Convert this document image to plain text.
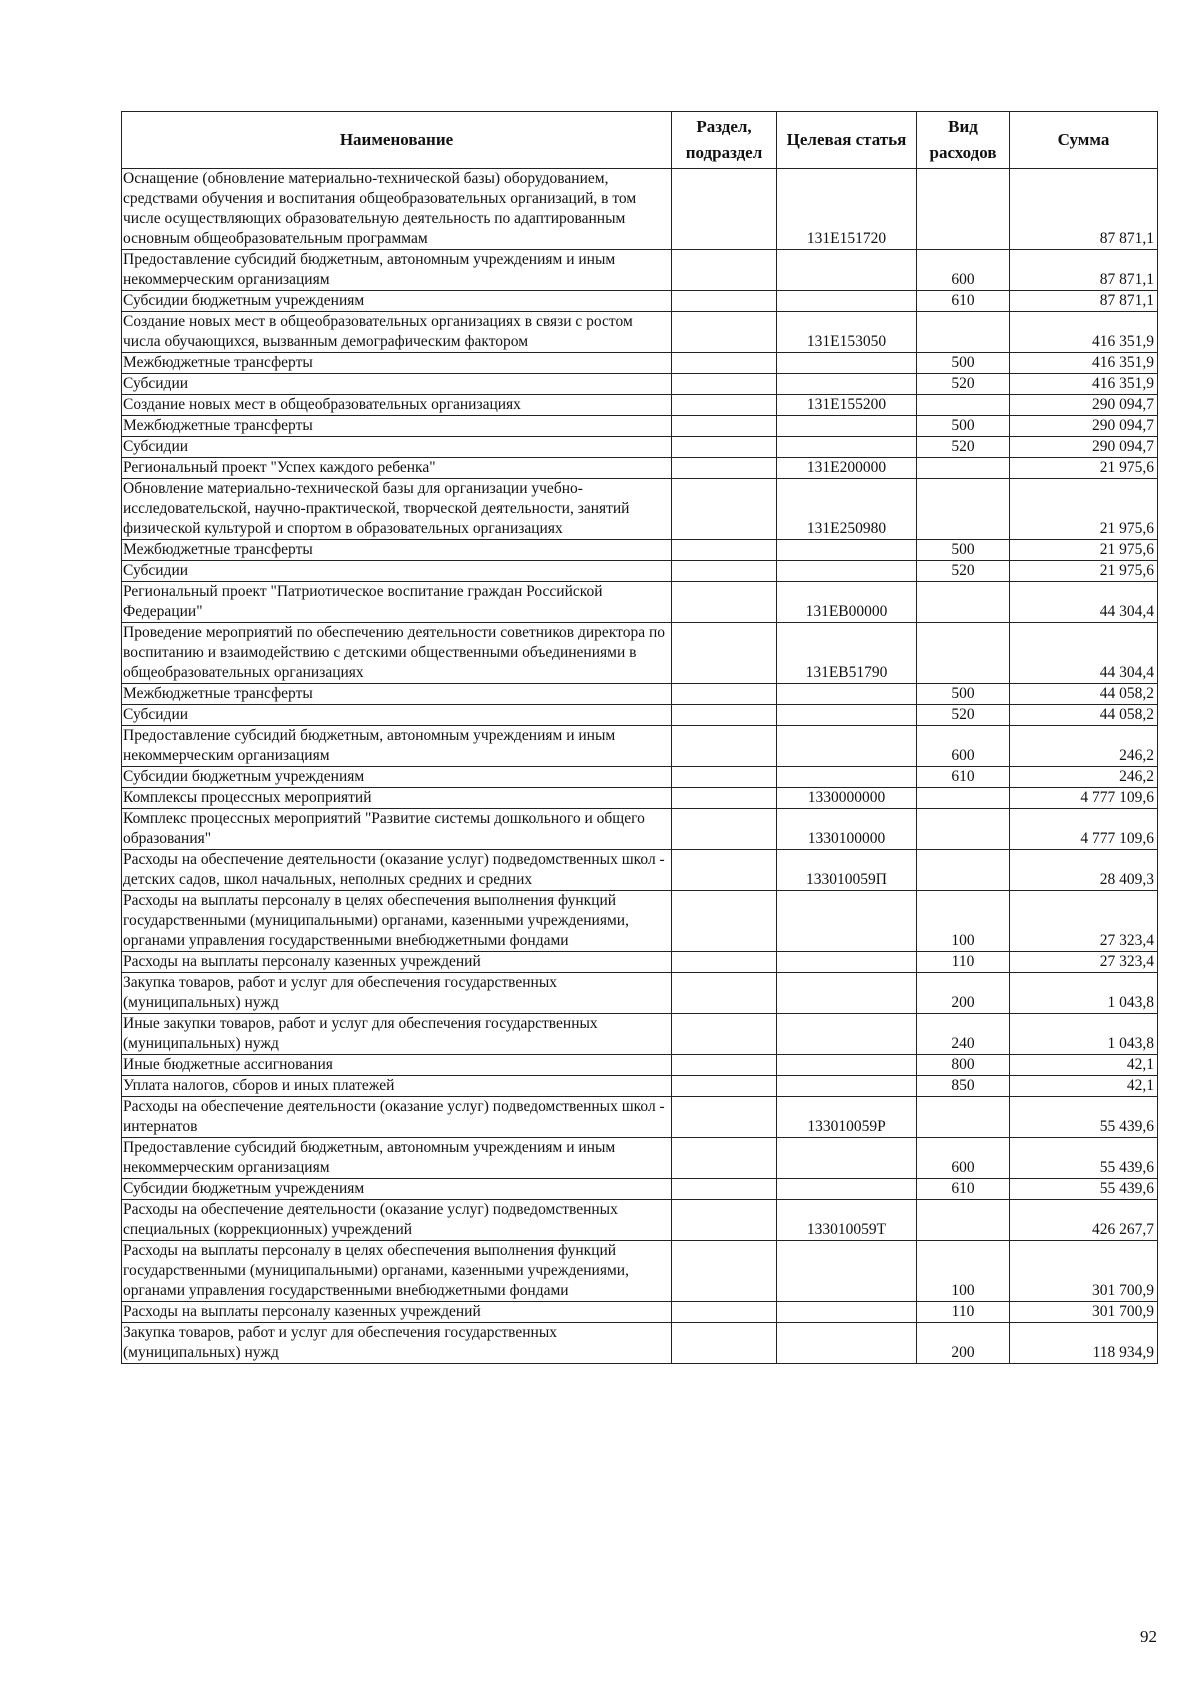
Наименование	Раздел, подраздел	Целевая статья	Вид расходов	Сумма
Оснащение (обновление материально-технической базы) оборудованием, средствами обучения и воспитания общеобразовательных организаций, в том числе осуществляющих образовательную деятельность по адаптированным основным общеобразовательным программам		131E151720		87 871,1
Предоставление субсидий бюджетным, автономным учреждениям и иным некоммерческим организациям			600	87 871,1
Субсидии бюджетным учреждениям			610	87 871,1
Создание новых мест в общеобразовательных организациях в связи с ростом числа обучающихся, вызванным демографическим фактором		131E153050		416 351,9
Межбюджетные трансферты			500	416 351,9
Субсидии			520	416 351,9
Создание новых мест в общеобразовательных организациях		131E155200		290 094,7
Межбюджетные трансферты			500	290 094,7
Субсидии			520	290 094,7
Региональный проект "Успех каждого ребенка"		131E200000		21 975,6
Обновление материально-технической базы для организации учебно-исследовательской, научно-практической, творческой деятельности, занятий физической культурой и спортом в образовательных организациях		131E250980		21 975,6
Межбюджетные трансферты			500	21 975,6
Субсидии			520	21 975,6
Региональный проект "Патриотическое воспитание граждан Российской Федерации"		131EB00000		44 304,4
Проведение мероприятий по обеспечению деятельности советников директора по воспитанию и взаимодействию с детскими общественными объединениями в общеобразовательных организациях		131EB51790		44 304,4
Межбюджетные трансферты			500	44 058,2
Субсидии			520	44 058,2
Предоставление субсидий бюджетным, автономным учреждениям и иным некоммерческим организациям			600	246,2
Субсидии бюджетным учреждениям			610	246,2
Комплексы процессных мероприятий		1330000000		4 777 109,6
Комплекс процессных мероприятий "Развитие системы дошкольного и общего образования"		1330100000		4 777 109,6
Расходы на обеспечение деятельности (оказание услуг) подведомственных школ - детских садов, школ начальных, неполных средних и средних		133010059П		28 409,3
Расходы на выплаты персоналу в целях обеспечения выполнения функций государственными (муниципальными) органами, казенными учреждениями, органами управления государственными внебюджетными фондами			100	27 323,4
Расходы на выплаты персоналу казенных учреждений			110	27 323,4
Закупка товаров, работ и услуг для обеспечения государственных (муниципальных) нужд			200	1 043,8
Иные закупки товаров, работ и услуг для обеспечения государственных (муниципальных) нужд			240	1 043,8
Иные бюджетные ассигнования			800	42,1
Уплата налогов, сборов и иных платежей			850	42,1
Расходы на обеспечение деятельности (оказание услуг) подведомственных школ - интернатов		133010059Р		55 439,6
Предоставление субсидий бюджетным, автономным учреждениям и иным некоммерческим организациям			600	55 439,6
Субсидии бюджетным учреждениям			610	55 439,6
Расходы на обеспечение деятельности (оказание услуг) подведомственных специальных (коррекционных) учреждений		133010059Т		426 267,7
Расходы на выплаты персоналу в целях обеспечения выполнения функций государственными (муниципальными) органами, казенными учреждениями, органами управления государственными внебюджетными фондами			100	301 700,9
Расходы на выплаты персоналу казенных учреждений			110	301 700,9
Закупка товаров, работ и услуг для обеспечения государственных (муниципальных) нужд			200	118 934,9
92
